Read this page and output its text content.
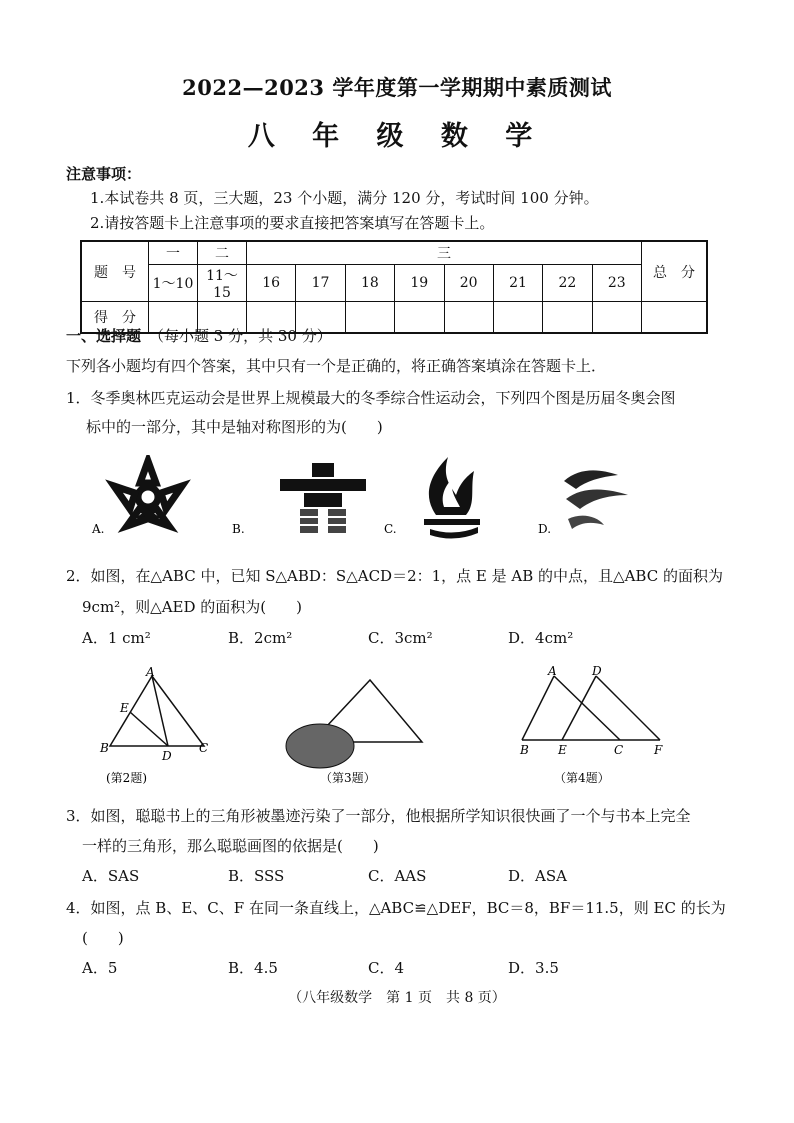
2022—2023 学年度第一学期期中素质测试
八 年 级 数 学
注意事项：
1.本试卷共 8 页，三大题，23 个小题，满分 120 分，考试时间 100 分钟。
2.请按答题卡上注意事项的要求直接把答案填写在答题卡上。
题　号	一	二	三								总　分
	1～10	11～15	16	17	18	19	20	21	22	23	
得　分											
一、选择题 （每小题 3 分，共 30 分）
下列各小题均有四个答案，其中只有一个是正确的，将正确答案填涂在答题卡上．
1．冬季奥林匹克运动会是世界上规模最大的冬季综合性运动会，下列四个图是历届冬奥会图
标中的一部分，其中是轴对称图形的为(　　)
A.	B.	C.	D.
2．如图，在△ABC 中，已知 S△ABD：S△ACD＝2：1，点 E 是 AB 的中点，且△ABC 的面积为
9cm²，则△AED 的面积为(　　)
A．1 cm²	B．2cm²	C．3cm²	D．4cm²
A
E
B
D
C
(第2题)	（第3题）
A	D
B E	C	F
（第4题）
3．如图，聪聪书上的三角形被墨迹污染了一部分，他根据所学知识很快画了一个与书本上完全
一样的三角形，那么聪聪画图的依据是(　　)
A．SAS	B．SSS	C．AAS	D．ASA
4．如图，点 B、E、C、F 在同一条直线上，△ABC≌△DEF，BC＝8，BF＝11.5，则 EC 的长为
(　　)
A．5	B．4.5	C．4	D．3.5
（八年级数学　第 1 页　共 8 页）
